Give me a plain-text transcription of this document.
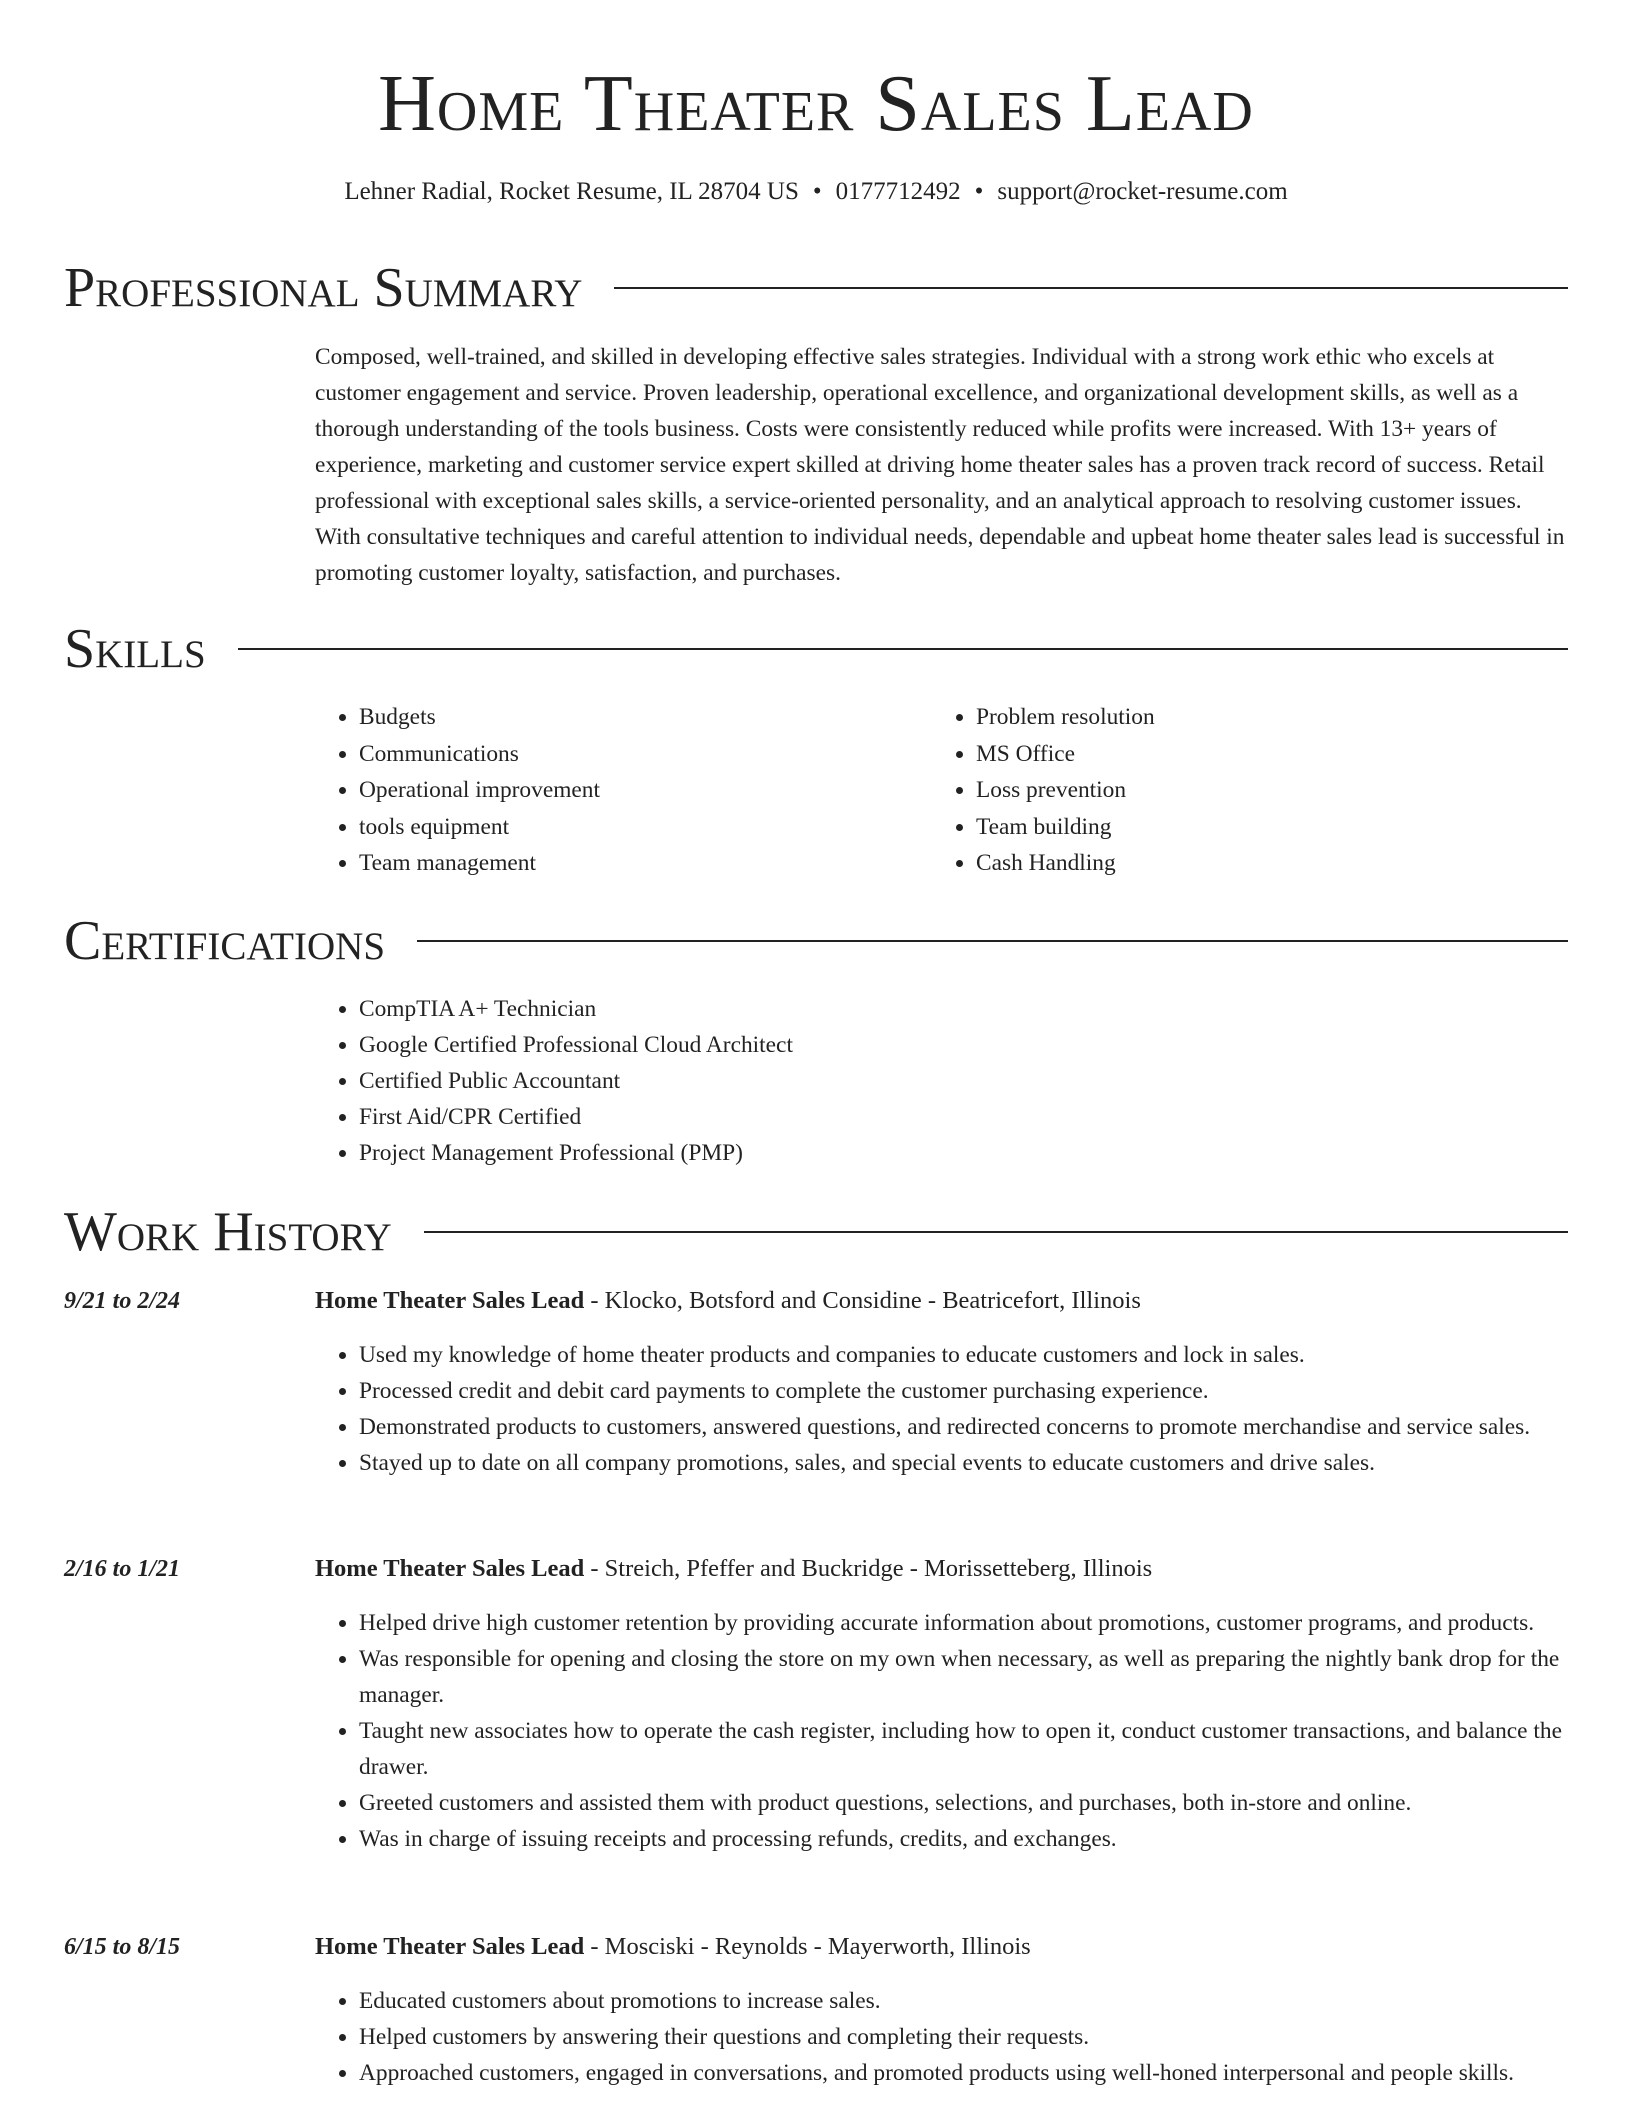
Home Theater Sales Lead
Lehner Radial, Rocket Resume, IL 28704 US • 0177712492 • support@rocket-resume.com
Professional Summary

Composed, well-trained, and skilled in developing effective sales strategies. Individual with a strong work ethic who excels at customer engagement and service. Proven leadership, operational excellence, and organizational development skills, as well as a thorough understanding of the tools business. Costs were consistently reduced while profits were increased. With 13+ years of experience, marketing and customer service expert skilled at driving home theater sales has a proven track record of success. Retail professional with exceptional sales skills, a service-oriented personality, and an analytical approach to resolving customer issues. With consultative techniques and careful attention to individual needs, dependable and upbeat home theater sales lead is successful in promoting customer loyalty, satisfaction, and purchases.

Skills
• Budgets
• Communications
• Operational improvement
• tools equipment
• Team management
• Problem resolution
• MS Office
• Loss prevention
• Team building
• Cash Handling
Certifications
• CompTIA A+ Technician
• Google Certified Professional Cloud Architect
• Certified Public Accountant
• First Aid/CPR Certified
• Project Management Professional (PMP)
Work History
9/21 to 2/24	Home Theater Sales Lead - Klocko, Botsford and Considine - Beatricefort, Illinois
• Used my knowledge of home theater products and companies to educate customers and lock in sales.
• Processed credit and debit card payments to complete the customer purchasing experience.
• Demonstrated products to customers, answered questions, and redirected concerns to promote merchandise and service sales.
• Stayed up to date on all company promotions, sales, and special events to educate customers and drive sales.
2/16 to 1/21	Home Theater Sales Lead - Streich, Pfeffer and Buckridge - Morissetteberg, Illinois
• Helped drive high customer retention by providing accurate information about promotions, customer programs, and products.
• Was responsible for opening and closing the store on my own when necessary, as well as preparing the nightly bank drop for the manager.
• Taught new associates how to operate the cash register, including how to open it, conduct customer transactions, and balance the drawer.
• Greeted customers and assisted them with product questions, selections, and purchases, both in-store and online.
• Was in charge of issuing receipts and processing refunds, credits, and exchanges.
6/15 to 8/15	Home Theater Sales Lead - Mosciski - Reynolds - Mayerworth, Illinois
• Educated customers about promotions to increase sales.
• Helped customers by answering their questions and completing their requests.
• Approached customers, engaged in conversations, and promoted products using well-honed interpersonal and people skills.
